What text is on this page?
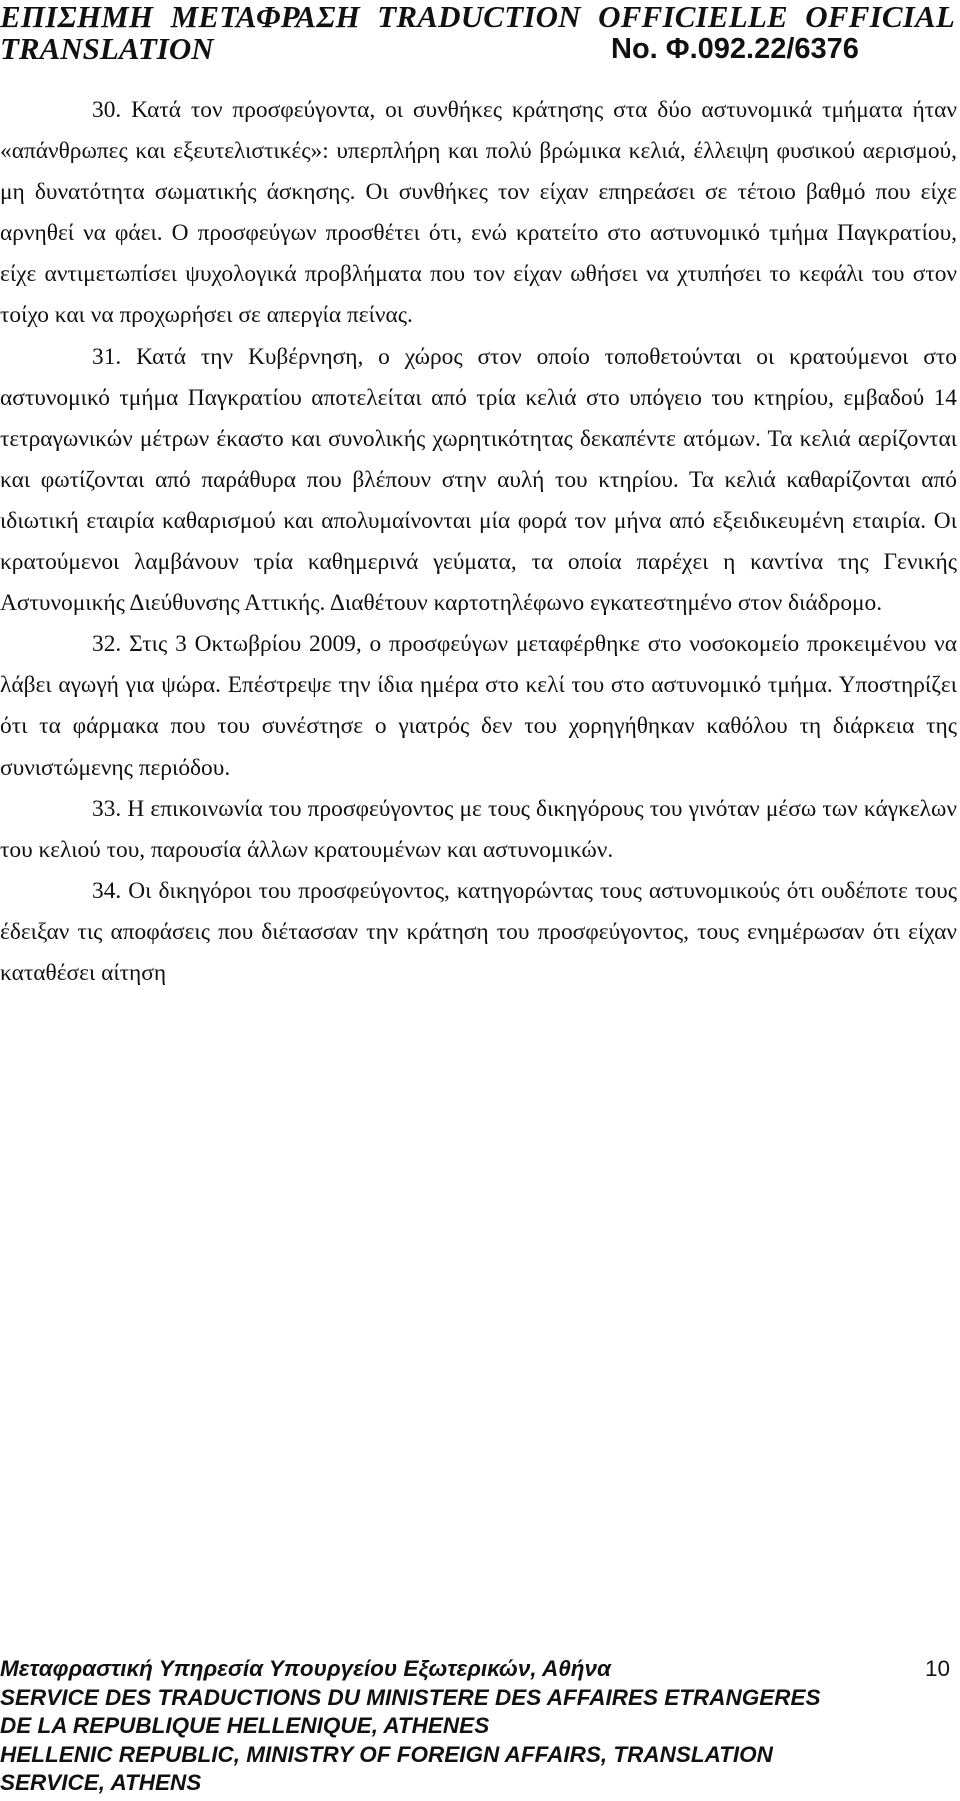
ΕΠΙΣΗΜΗ ΜΕΤΑΦΡΑΣΗ TRADUCTION OFFICIELLE OFFICIAL
TRANSLATION	No. Φ.092.22/6376

30. Κατά τον προσφεύγοντα, οι συνθήκες κράτησης στα δύο αστυνομικά τμήματα ήταν «απάνθρωπες και εξευτελιστικές»: υπερπλήρη και πολύ βρώμικα κελιά, έλλειψη φυσικού αερισμού, μη δυνατότητα σωματικής άσκησης. Οι συνθήκες τον είχαν επηρεάσει σε τέτοιο βαθμό που είχε αρνηθεί να φάει. Ο προσφεύγων προσθέτει ότι, ενώ κρατείτο στο αστυνομικό τμήμα Παγκρατίου, είχε αντιμετωπίσει ψυχολογικά προβλήματα που τον είχαν ωθήσει να χτυπήσει το κεφάλι του στον τοίχο και να προχωρήσει σε απεργία πείνας.

31. Κατά την Κυβέρνηση, ο χώρος στον οποίο τοποθετούνται οι κρατούμενοι στο αστυνομικό τμήμα Παγκρατίου αποτελείται από τρία κελιά στο υπόγειο του κτηρίου, εμβαδού 14 τετραγωνικών μέτρων έκαστο και συνολικής χωρητικότητας δεκαπέντε ατόμων. Τα κελιά αερίζονται και φωτίζονται από παράθυρα που βλέπουν στην αυλή του κτηρίου. Τα κελιά καθαρίζονται από ιδιωτική εταιρία καθαρισμού και απολυμαίνονται μία φορά τον μήνα από εξειδικευμένη εταιρία. Οι κρατούμενοι λαμβάνουν τρία καθημερινά γεύματα, τα οποία παρέχει η καντίνα της Γενικής Αστυνομικής Διεύθυνσης Αττικής. Διαθέτουν καρτοτηλέφωνο εγκατεστημένο στον διάδρομο.

32. Στις 3 Οκτωβρίου 2009, ο προσφεύγων μεταφέρθηκε στο νοσοκομείο προκειμένου να λάβει αγωγή για ψώρα. Επέστρεψε την ίδια ημέρα στο κελί του στο αστυνομικό τμήμα. Υποστηρίζει ότι τα φάρμακα που του συνέστησε ο γιατρός δεν του χορηγήθηκαν καθόλου τη διάρκεια της συνιστώμενης περιόδου.

33. Η επικοινωνία του προσφεύγοντος με τους δικηγόρους του γινόταν μέσω των κάγκελων του κελιού του, παρουσία άλλων κρατουμένων και αστυνομικών.

34. Οι δικηγόροι του προσφεύγοντος, κατηγορώντας τους αστυνομικούς ότι ουδέποτε τους έδειξαν τις αποφάσεις που διέτασσαν την κράτηση του προσφεύγοντος, τους ενημέρωσαν ότι είχαν καταθέσει αίτηση

Μεταφραστική Υπηρεσία Υπουργείου Εξωτερικών, Αθήνα	10
SERVICE DES TRADUCTIONS DU MINISTERE DES AFFAIRES ETRANGERES
DE LA REPUBLIQUE HELLENIQUE, ATHENES
HELLENIC REPUBLIC, MINISTRY OF FOREIGN AFFAIRS, TRANSLATION
SERVICE, ATHENS
